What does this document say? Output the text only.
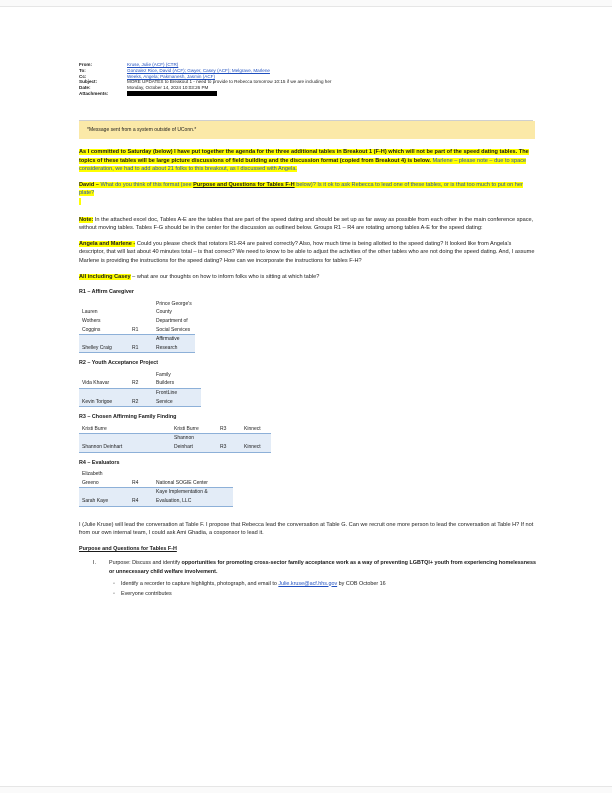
From:	Kruse, Julie (ACF) (CTR)
To:	Gonzalez Rice, David (ACF); Gwyer, Casey (ACF); Melgrave, Marlene
Cc:	Weeks, Angela; Pakmanesh, Jasmin (ACF)
Subject:	MORE UPDATES to Breakout 1 - need to provide to Rebecca tomorrow 10:15 if we are including her
Date:	Monday, October 14, 2024 10:03:26 PM
Attachments:
*Message sent from a system outside of UConn.*

As I committed to Saturday (below) I have put together the agenda for the three additional tables in Breakout 1 (F-H) which will not be part of the speed dating tables. The topics of these tables will be large picture discussions of field building and the discussion format (copied from Breakout 4) is below. Marlene – please note – due to space consideration, we had to add about 21 folks to this breakout, as I discussed with Angela.

David – What do you think of this format (see Purpose and Questions for Tables F-H below)? Is it ok to ask Rebecca to lead one of these tables, or is that too much to put on her plate?

Note: In the attached excel doc, Tables A-E are the tables that are part of the speed dating and should be set up as far away as possible from each other in the main conference space, without moving tables. Tables F-G should be in the center for the discussion as outlined below. Groups R1 – R4 are rotating among tables A-E for the speed dating:

Angela and Marlene - Could you please check that rotators R1-R4 are paired correctly? Also, how much time is being allotted to the speed dating? It looked like from Angela's descriptor, that will last about 40 minutes total – is that correct? We need to know to be able to adjust the activities of the other tables who are not doing the speed dating. And, I assume Marlene is providing the instructions for the speed dating? How can we incorporate the instructions for tables F-H?

All including Casey – what are our thoughts on how to inform folks who is sitting at which table?

R1 – Affirm Caregiver
		Prince George's
Lauren		County
Wothers		Department of
Coggins	R1	Social Services
		Affirmative
Shelley Craig	R1	Research
R2 – Youth Acceptance Project
		Family
Vida Khavar	R2	Builders
		FrontLine
Kevin Torigoe	R2	Service
R3 – Chosen Affirming Family Finding
Kristi Burre		Kristi Burre	R3	Kinnect
		Shannon		
Shannon Deinhart		Deinhart	R3	Kinnect
R4 – Evaluators
Elizabeth		
Greeno	R4	National SOGIE Center
		Kaye Implementation &
Sarah Kaye	R4	Evaluation, LLC

I (Julie Kruse) will lead the conversation at Table F. I propose that Rebecca lead the conversation at Table G. Can we recruit one more person to lead the conversation at Table H? If not from our own internal team, I could ask Ami Ghadia, a cosponsor to lead it.

Purpose and Questions for Tables F-H
I. Purpose: Discuss and identify opportunities for promoting cross-sector family acceptance work as a way of preventing LGBTQI+ youth from experiencing homelessness or unnecessary child welfare involvement.
◦ Identify a recorder to capture highlights, photograph, and email to Julie.kruse@acf.hhs.gov by COB October 16
◦ Everyone contributes
